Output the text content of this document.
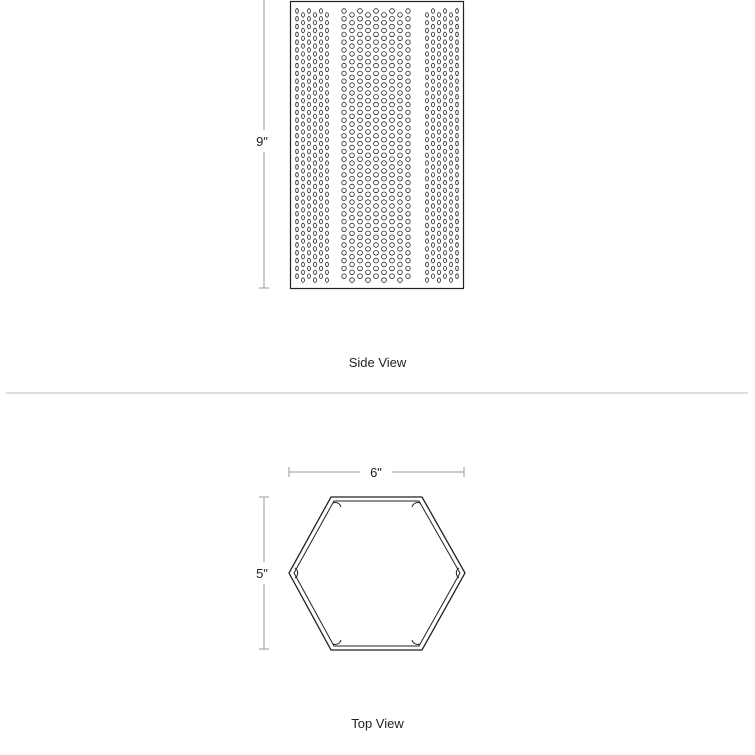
9"
6"
5"
Side View
Top View
